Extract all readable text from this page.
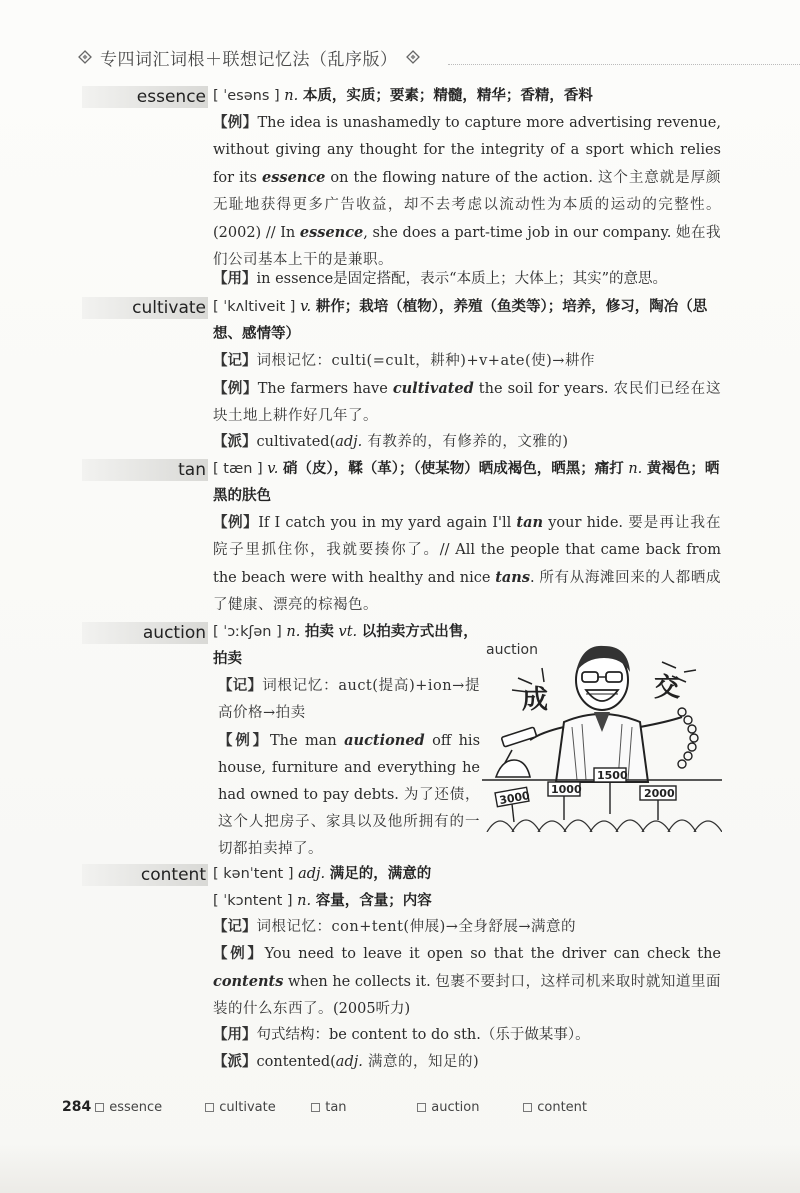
专四词汇词根＋联想记忆法（乱序版）
essence [ ˈesəns ] n. 本质，实质；要素；精髓，精华；香精，香料
【例】The idea is unashamedly to capture more advertising revenue, without giving any thought for the integrity of a sport which relies for its essence on the flowing nature of the action. 这个主意就是厚颜无耻地获得更多广告收益，却不去考虑以流动性为本质的运动的完整性。(2002) // In essence, she does a part-time job in our company. 她在我们公司基本上干的是兼职。
【用】in essence是固定搭配，表示“本质上；大体上；其实”的意思。
cultivate [ ˈkʌltiveit ] v. 耕作；栽培（植物），养殖（鱼类等）；培养，修习，陶冶（思想、感情等）
【记】词根记忆：culti(=cult，耕种)+v+ate(使)→耕作
【例】The farmers have cultivated the soil for years. 农民们已经在这块土地上耕作好几年了。
【派】cultivated(adj. 有教养的，有修养的，文雅的)
tan [ tæn ] v. 硝（皮），鞣（革）；（使某物）晒成褐色，晒黑；痛打 n. 黄褐色；晒黑的肤色
【例】If I catch you in my yard again I'll tan your hide. 要是再让我在院子里抓住你，我就要揍你了。// All the people that came back from the beach were with healthy and nice tans. 所有从海滩回来的人都晒成了健康、漂亮的棕褐色。
auction [ ˈɔːkʃən ] n. 拍卖 vt. 以拍卖方式出售，拍卖
【记】词根记忆：auct(提高)+ion→提高价格→拍卖
【例】The man auctioned off his house, furniture and everything he had owned to pay debts. 为了还债，这个人把房子、家具以及他所拥有的一切都拍卖掉了。
auction
成	交
3000 1000
1500
2000
content [ kənˈtent ] adj. 满足的，满意的
[ ˈkɔntent ] n. 容量，含量；内容
【记】词根记忆：con+tent(伸展)→全身舒展→满意的
【例】You need to leave it open so that the driver can check the contents when he collects it. 包裹不要封口，这样司机来取时就知道里面装的什么东西了。(2005听力)
【用】句式结构：be content to do sth.（乐于做某事）。
【派】contented(adj. 满意的，知足的)
284 essence	cultivate	tan	auction	content
